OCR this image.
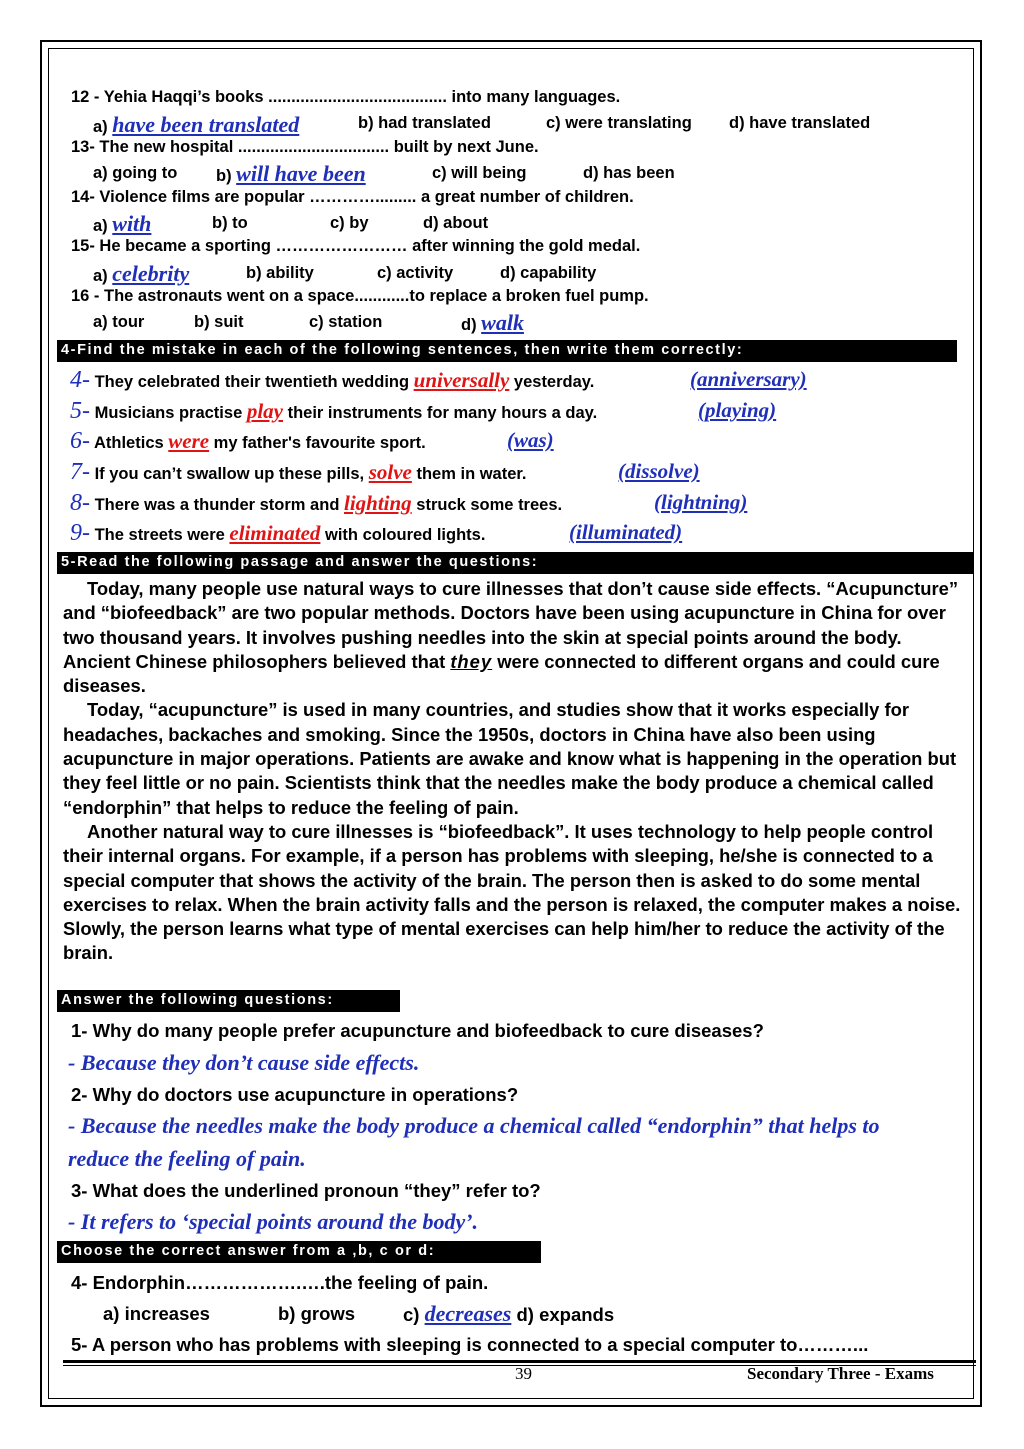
12 - Yehia Haqqi’s books ....................................... into many languages.
a) have been translated	b) had translated	c) were translating d) have translated
13- The new hospital ................................. built by next June.
a) going to b) will have been	c) will being	d) has been
14- Violence films are popular …………......... a great number of children.
a) with	b) to	c) by	d) about
15- He became a sporting …………………… after winning the gold medal.
a) celebrity	b) ability	c) activity	d) capability
16 - The astronauts went on a space............to replace a broken fuel pump.
a) tour	b) suit	c) station	d) walk
4-Find the mistake in each of the following sentences, then write them correctly:
4- They celebrated their twentieth wedding universally yesterday.	(anniversary)
5- Musicians practise play their instruments for many hours a day.	(playing)
6- Athletics were my father's favourite sport.	(was)
7- If you can’t swallow up these pills, solve them in water.	(dissolve)
8- There was a thunder storm and lighting struck some trees.	(lightning)
9- The streets were eliminated with coloured lights.	(illuminated)
5-Read the following passage and answer the questions:

Today, many people use natural ways to cure illnesses that don’t cause side effects. “Acupuncture” and “biofeedback” are two popular methods. Doctors have been using acupuncture in China for over two thousand years. It involves pushing needles into the skin at special points around the body. Ancient Chinese philosophers believed that they were connected to different organs and could cure diseases.

Today, “acupuncture” is used in many countries, and studies show that it works especially for headaches, backaches and smoking. Since the 1950s, doctors in China have also been using acupuncture in major operations. Patients are awake and know what is happening in the operation but they feel little or no pain. Scientists think that the needles make the body produce a chemical called “endorphin” that helps to reduce the feeling of pain.

Another natural way to cure illnesses is “biofeedback”. It uses technology to help people control their internal organs. For example, if a person has problems with sleeping, he/she is connected to a special computer that shows the activity of the brain. The person then is asked to do some mental exercises to relax. When the brain activity falls and the person is relaxed, the computer makes a noise. Slowly, the person learns what type of mental exercises can help him/her to reduce the activity of the brain.

Answer the following questions:
1- Why do many people prefer acupuncture and biofeedback to cure diseases?
- Because they don’t cause side effects.
2- Why do doctors use acupuncture in operations?
- Because the needles make the body produce a chemical called “endorphin” that helps to
reduce the feeling of pain.
3- What does the underlined pronoun “they” refer to?
- It refers to ‘special points around the body’.
Choose the correct answer from a ,b, c or d:
4- Endorphin……………….….the feeling of pain.
a) increases	b) grows	c) decreases d) expands
5- A person who has problems with sleeping is connected to a special computer to………...
39	Secondary Three - Exams
